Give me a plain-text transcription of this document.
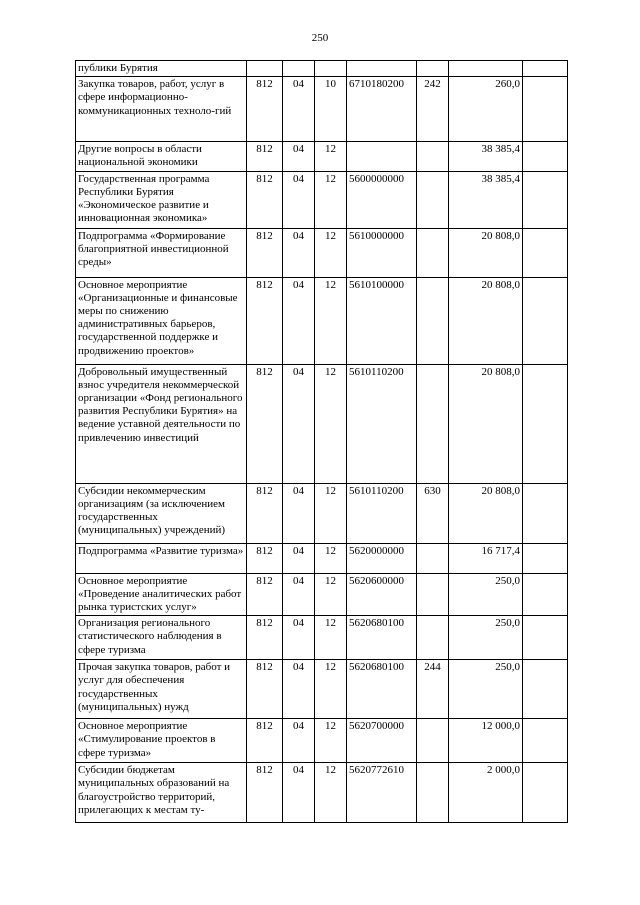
250
публики Бурятия							
Закупка товаров, работ, услуг в сфере информационно-коммуникационных техноло-гий	812	04	10	6710180200	242	260,0	
Другие вопросы в области национальной экономики	812	04	12			38 385,4	
Государственная программа Республики Бурятия «Экономическое развитие и инновационная экономика»	812	04	12	5600000000		38 385,4	
Подпрограмма «Формирование благоприятной инвестиционной среды»	812	04	12	5610000000		20 808,0	
Основное мероприятие «Организационные и финансовые меры по снижению административных барьеров, государственной поддержке и продвижению проектов»	812	04	12	5610100000		20 808,0	
Добровольный имущественный взнос учредителя некоммерческой организации «Фонд регионального развития Республики Бурятия» на ведение уставной деятельности по привлечению инвестиций	812	04	12	5610110200		20 808,0	
Субсидии некоммерческим организациям (за исключением государственных (муниципальных) учреждений)	812	04	12	5610110200	630	20 808,0	
Подпрограмма «Развитие туризма»	812	04	12	5620000000		16 717,4	
Основное мероприятие «Проведение аналитических работ рынка туристских услуг»	812	04	12	5620600000		250,0	
Организация регионального статистического наблюдения в сфере туризма	812	04	12	5620680100		250,0	
Прочая закупка товаров, работ и услуг для обеспечения государственных (муниципальных) нужд	812	04	12	5620680100	244	250,0	
Основное мероприятие «Стимулирование проектов в сфере туризма»	812	04	12	5620700000		12 000,0	
Субсидии бюджетам муниципальных образований на благоустройство территорий, прилегающих к местам ту-	812	04	12	5620772610		2 000,0	
